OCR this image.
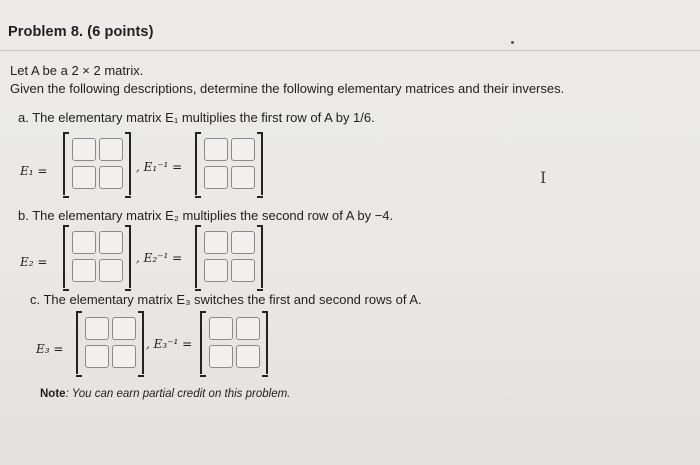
Problem 8. (6 points)
Let A be a 2 × 2 matrix.
Given the following descriptions, determine the following elementary matrices and their inverses.
a. The elementary matrix E₁ multiplies the first row of A by 1/6.
E₁ =	, E₁⁻¹ =
b. The elementary matrix E₂ multiplies the second row of A by −4.
E₂ =	, E₂⁻¹ =
c. The elementary matrix E₃ switches the first and second rows of A.
E₃ =	, E₃⁻¹ =
Note: You can earn partial credit on this problem.
I
